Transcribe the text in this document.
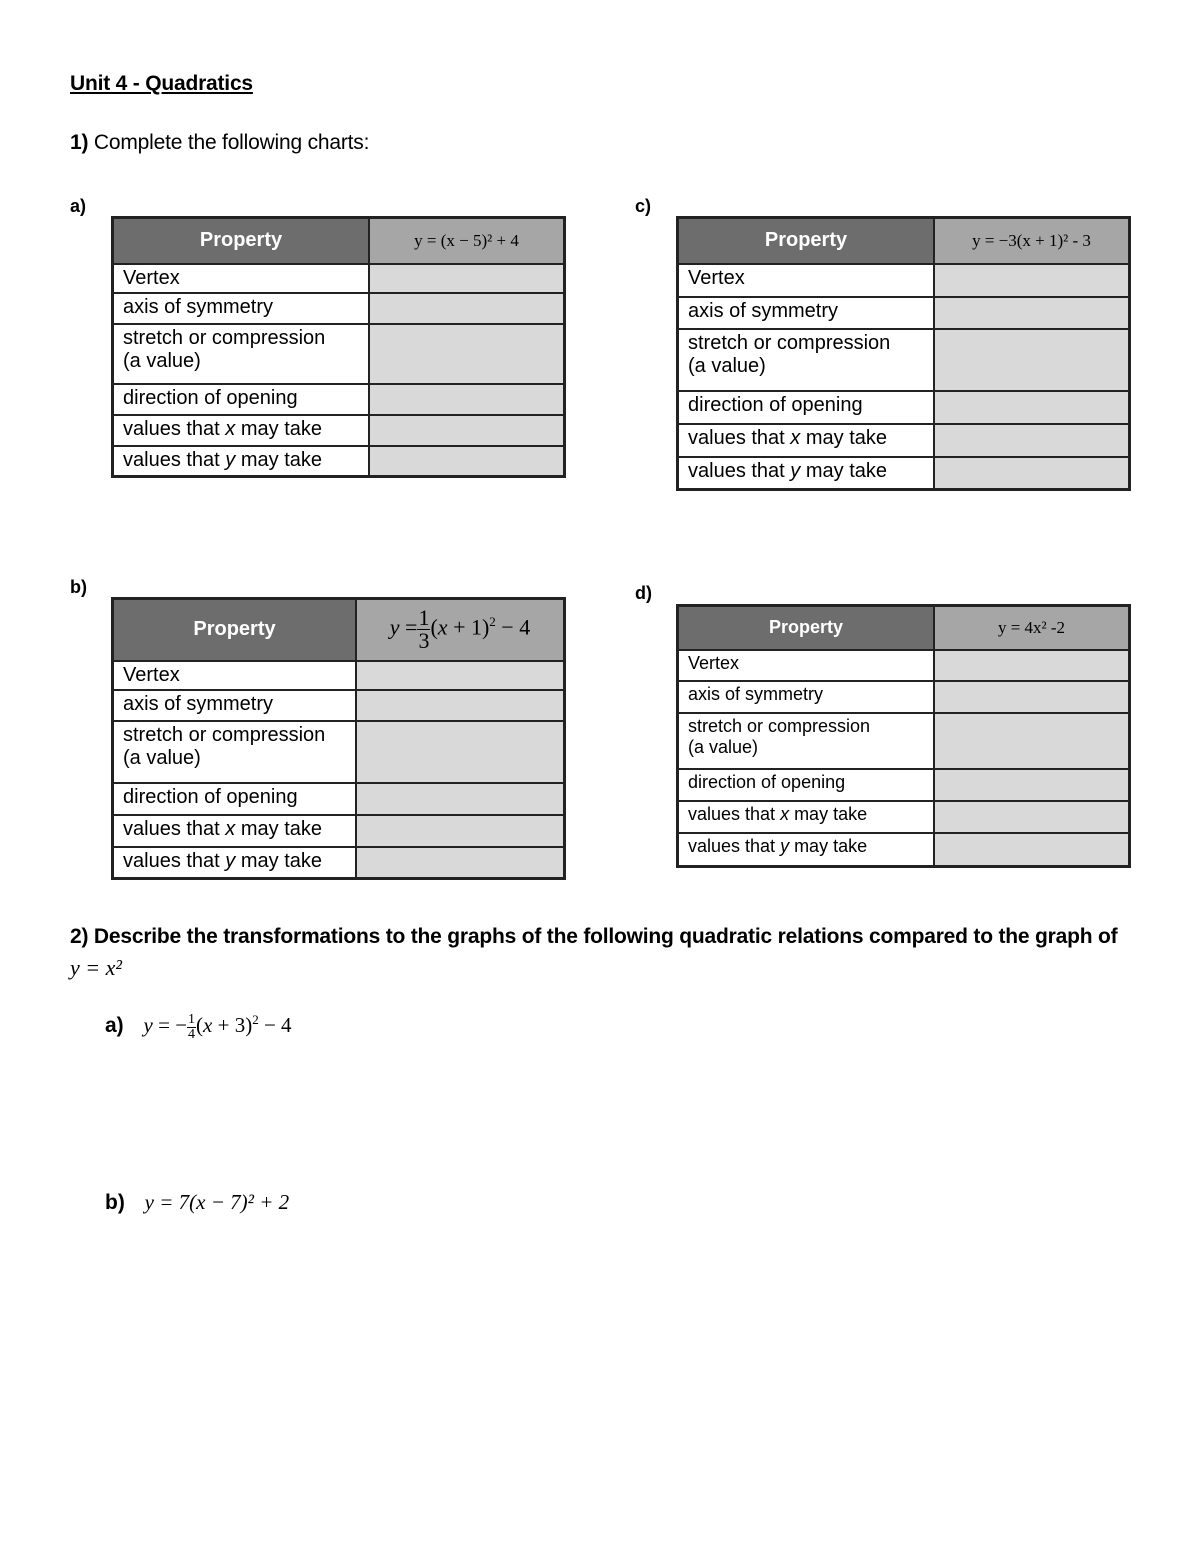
Unit 4 - Quadratics
1) Complete the following charts:
a)
Property	y = (x − 5)² + 4
Vertex	
axis of symmetry	
stretch or compression
(a value)	
direction of opening	
values that x may take	
values that y may take	
c)
Property	y = −3(x + 1)² - 3
Vertex	
axis of symmetry	
stretch or compression
(a value)	
direction of opening	
values that x may take	
values that y may take	
b)
Property	$y = \frac{1}{3} (x + 1)^2 - 4$
Vertex	
axis of symmetry	
stretch or compression
(a value)	
direction of opening	
values that x may take	
values that y may take	
d)
Property	y = 4x² -2
Vertex	
axis of symmetry	
stretch or compression
(a value)	
direction of opening	
values that x may take	
values that y may take	
2) Describe the transformations to the graphs of the following quadratic relations compared to the graph of
y = x²
a) y = − $\frac{1}{4} (x + 3)^2 - 4$
b) y = 7(x − 7)² + 2
